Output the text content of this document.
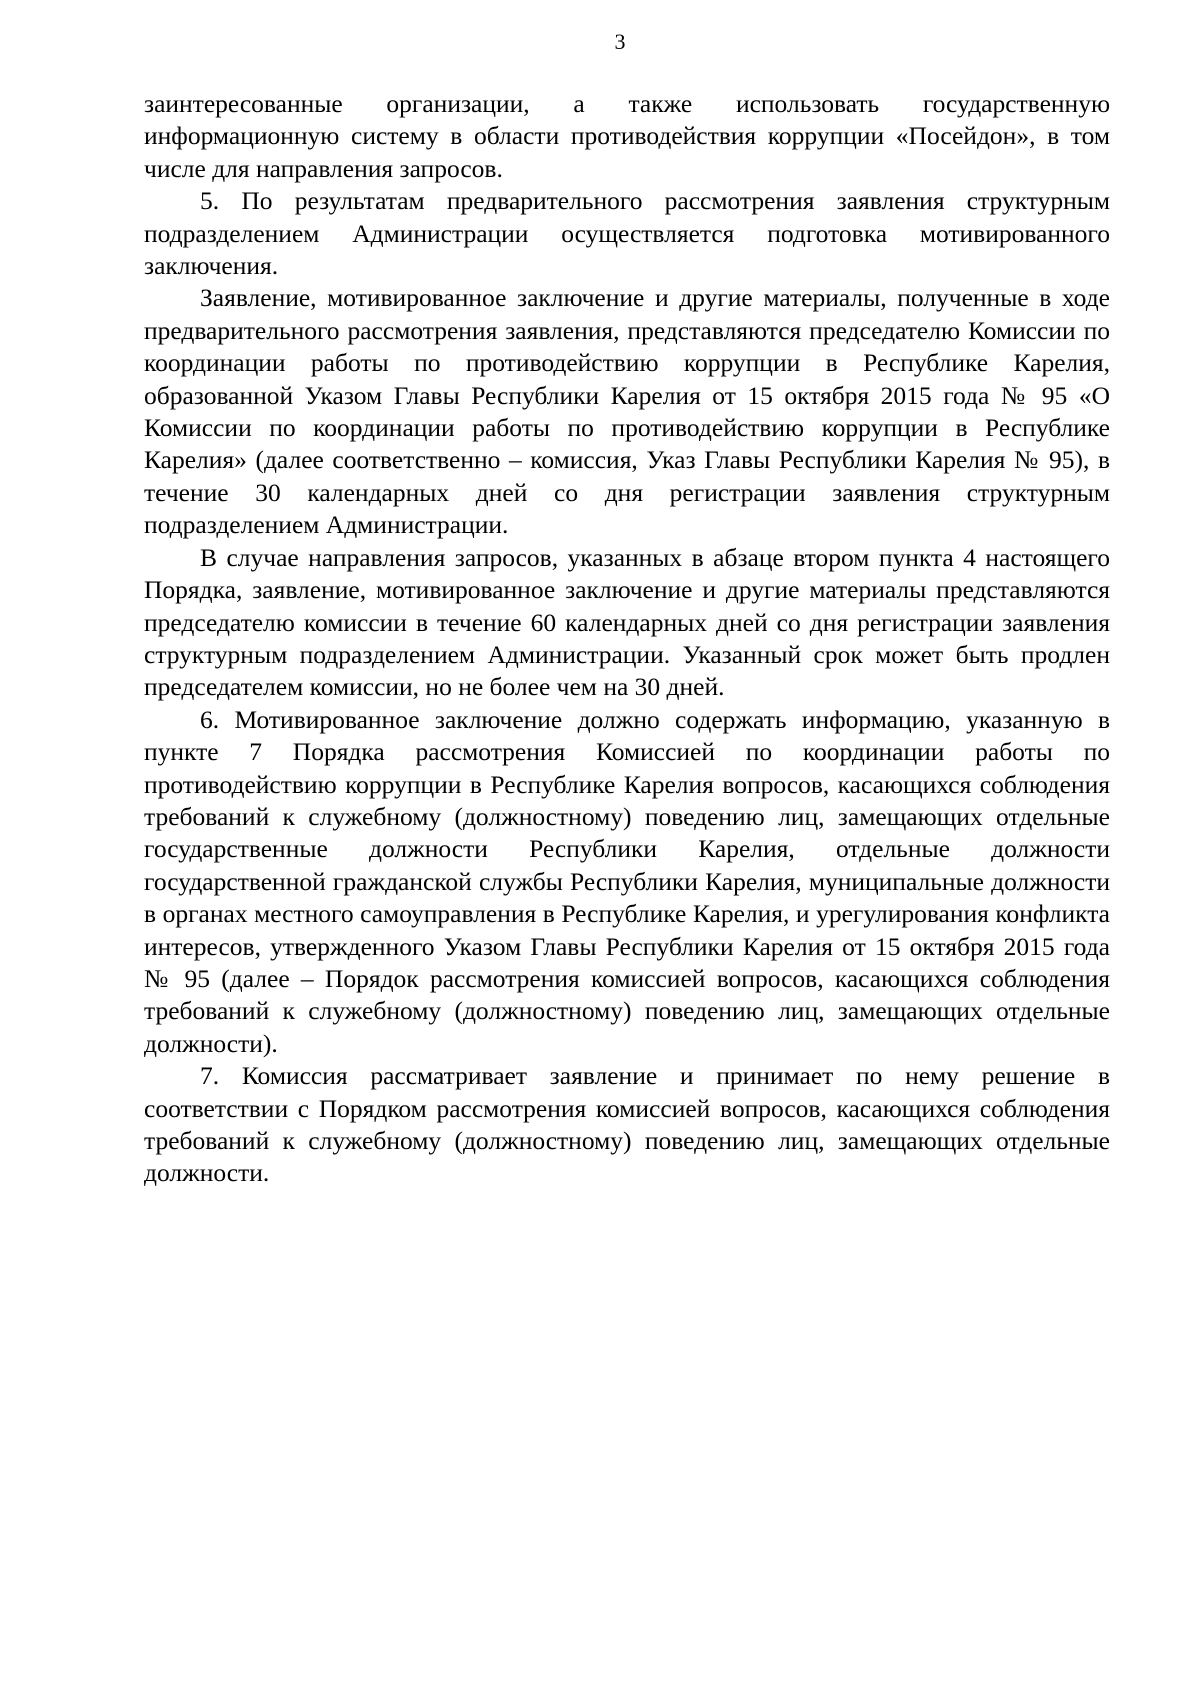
3

заинтересованные организации, а также использовать государственную информационную систему в области противодействия коррупции «Посейдон», в том числе для направления запросов.

5. По результатам предварительного рассмотрения заявления структурным подразделением Администрации осуществляется подготовка мотивированного заключения.

Заявление, мотивированное заключение и другие материалы, полученные в ходе предварительного рассмотрения заявления, представляются председателю Комиссии по координации работы по противодействию коррупции в Республике Карелия, образованной Указом Главы Республики Карелия от 15 октября 2015 года № 95 «О Комиссии по координации работы по противодействию коррупции в Республике Карелия» (далее соответственно – комиссия, Указ Главы Республики Карелия № 95), в течение 30 календарных дней со дня регистрации заявления структурным подразделением Администрации.

В случае направления запросов, указанных в абзаце втором пункта 4 настоящего Порядка, заявление, мотивированное заключение и другие материалы представляются председателю комиссии в течение 60 календарных дней со дня регистрации заявления структурным подразделением Администрации. Указанный срок может быть продлен председателем комиссии, но не более чем на 30 дней.

6. Мотивированное заключение должно содержать информацию, указанную в пункте 7 Порядка рассмотрения Комиссией по координации работы по противодействию коррупции в Республике Карелия вопросов, касающихся соблюдения требований к служебному (должностному) поведению лиц, замещающих отдельные государственные должности Республики Карелия, отдельные должности государственной гражданской службы Республики Карелия, муниципальные должности в органах местного самоуправления в Республике Карелия, и урегулирования конфликта интересов, утвержденного Указом Главы Республики Карелия от 15 октября 2015 года № 95 (далее – Порядок рассмотрения комиссией вопросов, касающихся соблюдения требований к служебному (должностному) поведению лиц, замещающих отдельные должности).

7. Комиссия рассматривает заявление и принимает по нему решение в соответствии с Порядком рассмотрения комиссией вопросов, касающихся соблюдения требований к служебному (должностному) поведению лиц, замещающих отдельные должности.
